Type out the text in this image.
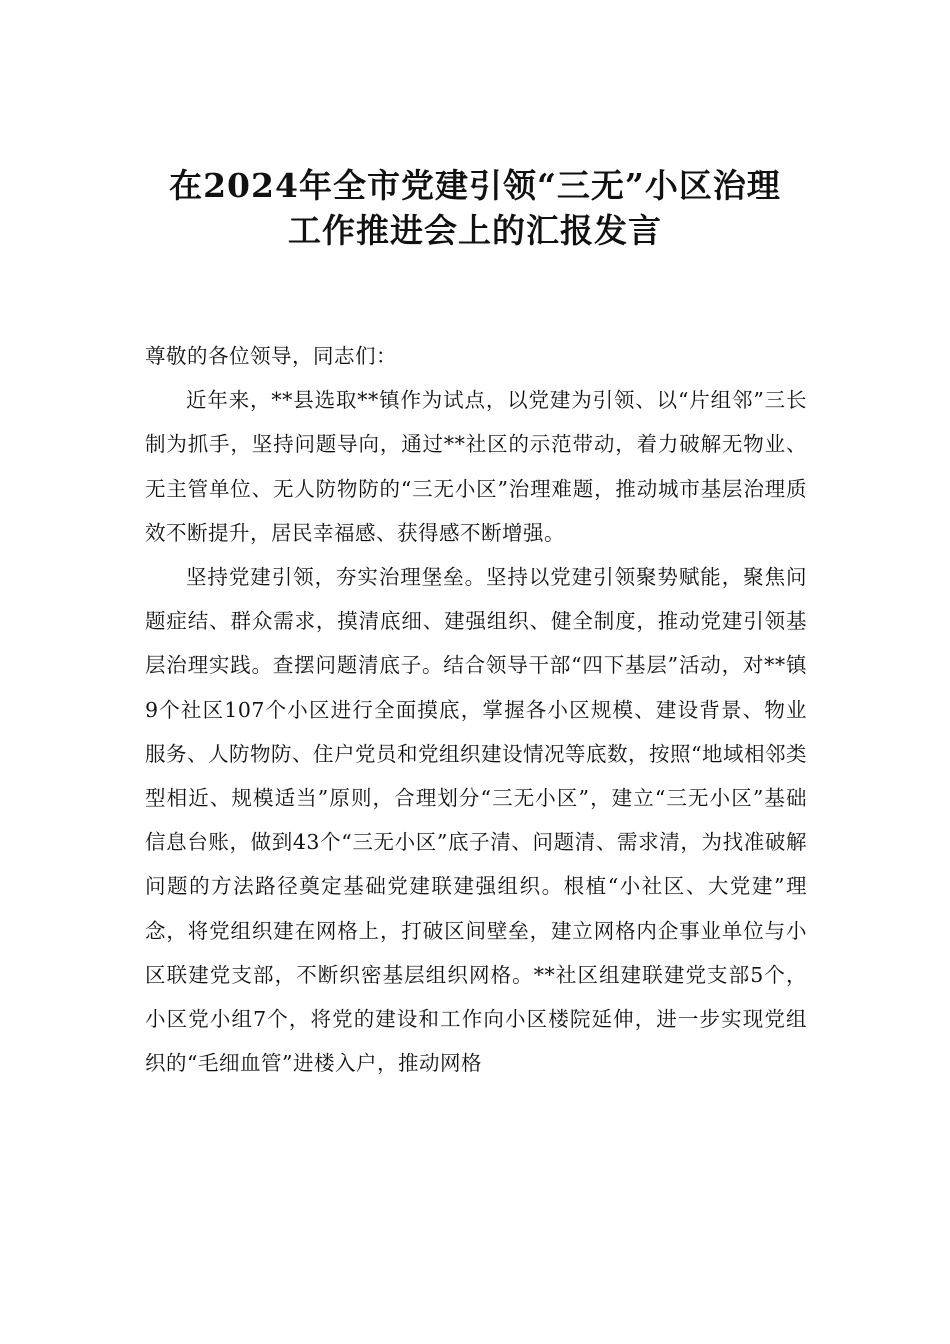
在2024年全市党建引领“三无”小区治理
工作推进会上的汇报发言

尊敬的各位领导，同志们：

近年来，**县选取**镇作为试点，以党建为引领、以“片组邻”三长制为抓手，坚持问题导向，通过**社区的示范带动，着力破解无物业、无主管单位、无人防物防的“三无小区”治理难题，推动城市基层治理质效不断提升，居民幸福感、获得感不断增强。

坚持党建引领，夯实治理堡垒。坚持以党建引领聚势赋能，聚焦问题症结、群众需求，摸清底细、建强组织、健全制度，推动党建引领基层治理实践。查摆问题清底子。结合领导干部“四下基层”活动，对**镇9个社区107个小区进行全面摸底，掌握各小区规模、建设背景、物业服务、人防物防、住户党员和党组织建设情况等底数，按照“地域相邻类型相近、规模适当”原则，合理划分“三无小区”，建立“三无小区”基础信息台账，做到43个“三无小区”底子清、问题清、需求清，为找准破解问题的方法路径奠定基础党建联建强组织。根植“小社区、大党建”理念，将党组织建在网格上，打破区间壁垒，建立网格内企事业单位与小区联建党支部，不断织密基层组织网格。**社区组建联建党支部5个，小区党小组7个，将党的建设和工作向小区楼院延伸，进一步实现党组织的“毛细血管”进楼入户，推动网格
